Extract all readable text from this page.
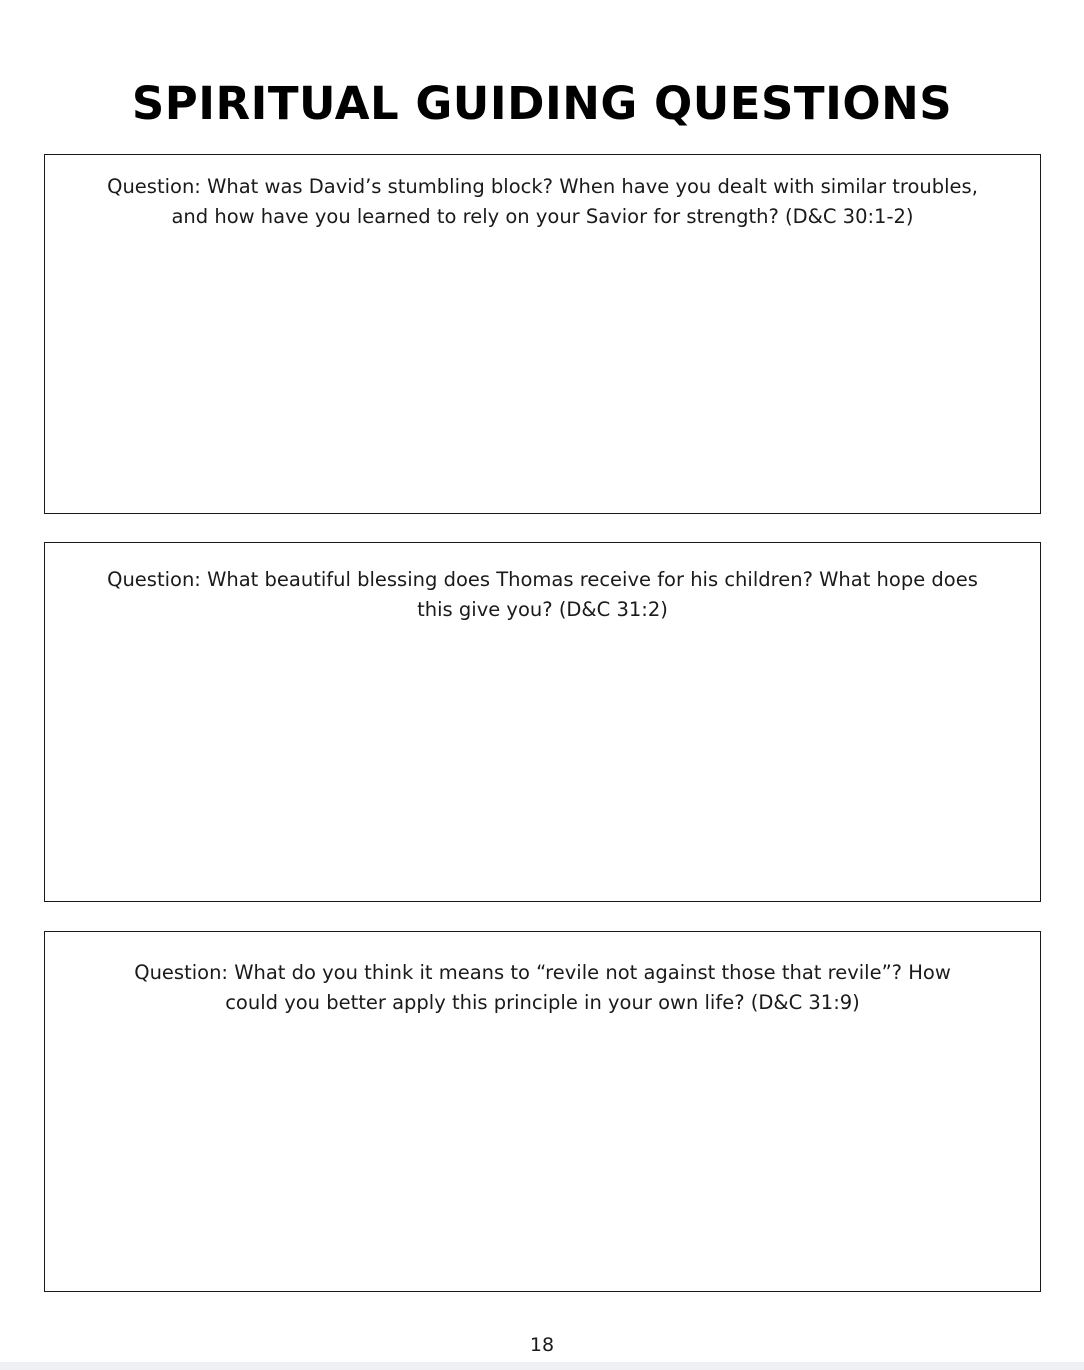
SPIRITUAL GUIDING QUESTIONS

Question: What was David’s stumbling block? When have you dealt with similar troubles, and how have you learned to rely on your Savior for strength? (D&C 30:1-2)

Question: What beautiful blessing does Thomas receive for his children? What hope does this give you? (D&C 31:2)

Question: What do you think it means to “revile not against those that revile”? How could you better apply this principle in your own life? (D&C 31:9)

18
